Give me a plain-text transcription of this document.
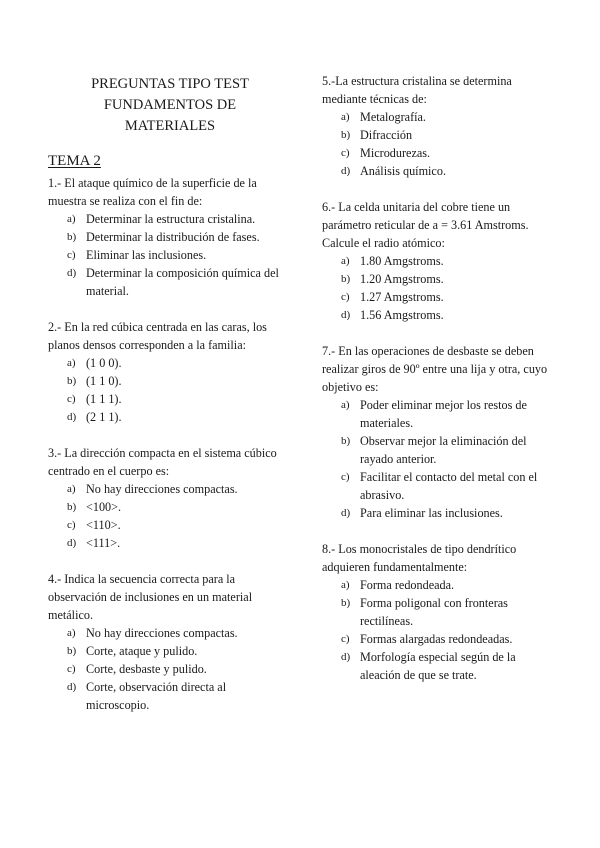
PREGUNTAS TIPO TEST
FUNDAMENTOS DE
MATERIALES
TEMA 2

1.- El ataque químico de la superficie de la muestra se realiza con el fin de:

a) Determinar la estructura cristalina.
b) Determinar la distribución de fases.
c) Eliminar las inclusiones.
d) Determinar la composición química del material.

2.- En la red cúbica centrada en las caras, los planos densos corresponden a la familia:

a) (1 0 0).
b) (1 1 0).
c) (1 1 1).
d) (2 1 1).

3.- La dirección compacta en el sistema cúbico centrado en el cuerpo es:

a) No hay direcciones compactas.
b) <100>.
c) <110>.
d) <111>.

4.- Indica la secuencia correcta para la observación de inclusiones en un material metálico.

a) No hay direcciones compactas.
b) Corte, ataque y pulido.
c) Corte, desbaste y pulido.
d) Corte, observación directa al microscopio.

5.-La estructura cristalina se determina mediante técnicas de:

a) Metalografía.
b) Difracción
c) Microdurezas.
d) Análisis químico.

6.- La celda unitaria del cobre tiene un parámetro reticular de a = 3.61 Amstroms. Calcule el radio atómico:

a) 1.80 Amgstroms.
b) 1.20 Amgstroms.
c) 1.27 Amgstroms.
d) 1.56 Amgstroms.

7.- En las operaciones de desbaste se deben realizar giros de 90º entre una lija y otra, cuyo objetivo es:

a) Poder eliminar mejor los restos de materiales.
b) Observar mejor la eliminación del rayado anterior.
c) Facilitar el contacto del metal con el abrasivo.
d) Para eliminar las inclusiones.

8.- Los monocristales de tipo dendrítico adquieren fundamentalmente:

a) Forma redondeada.
b) Forma poligonal con fronteras rectilíneas.
c) Formas alargadas redondeadas.
d) Morfología especial según de la aleación de que se trate.
